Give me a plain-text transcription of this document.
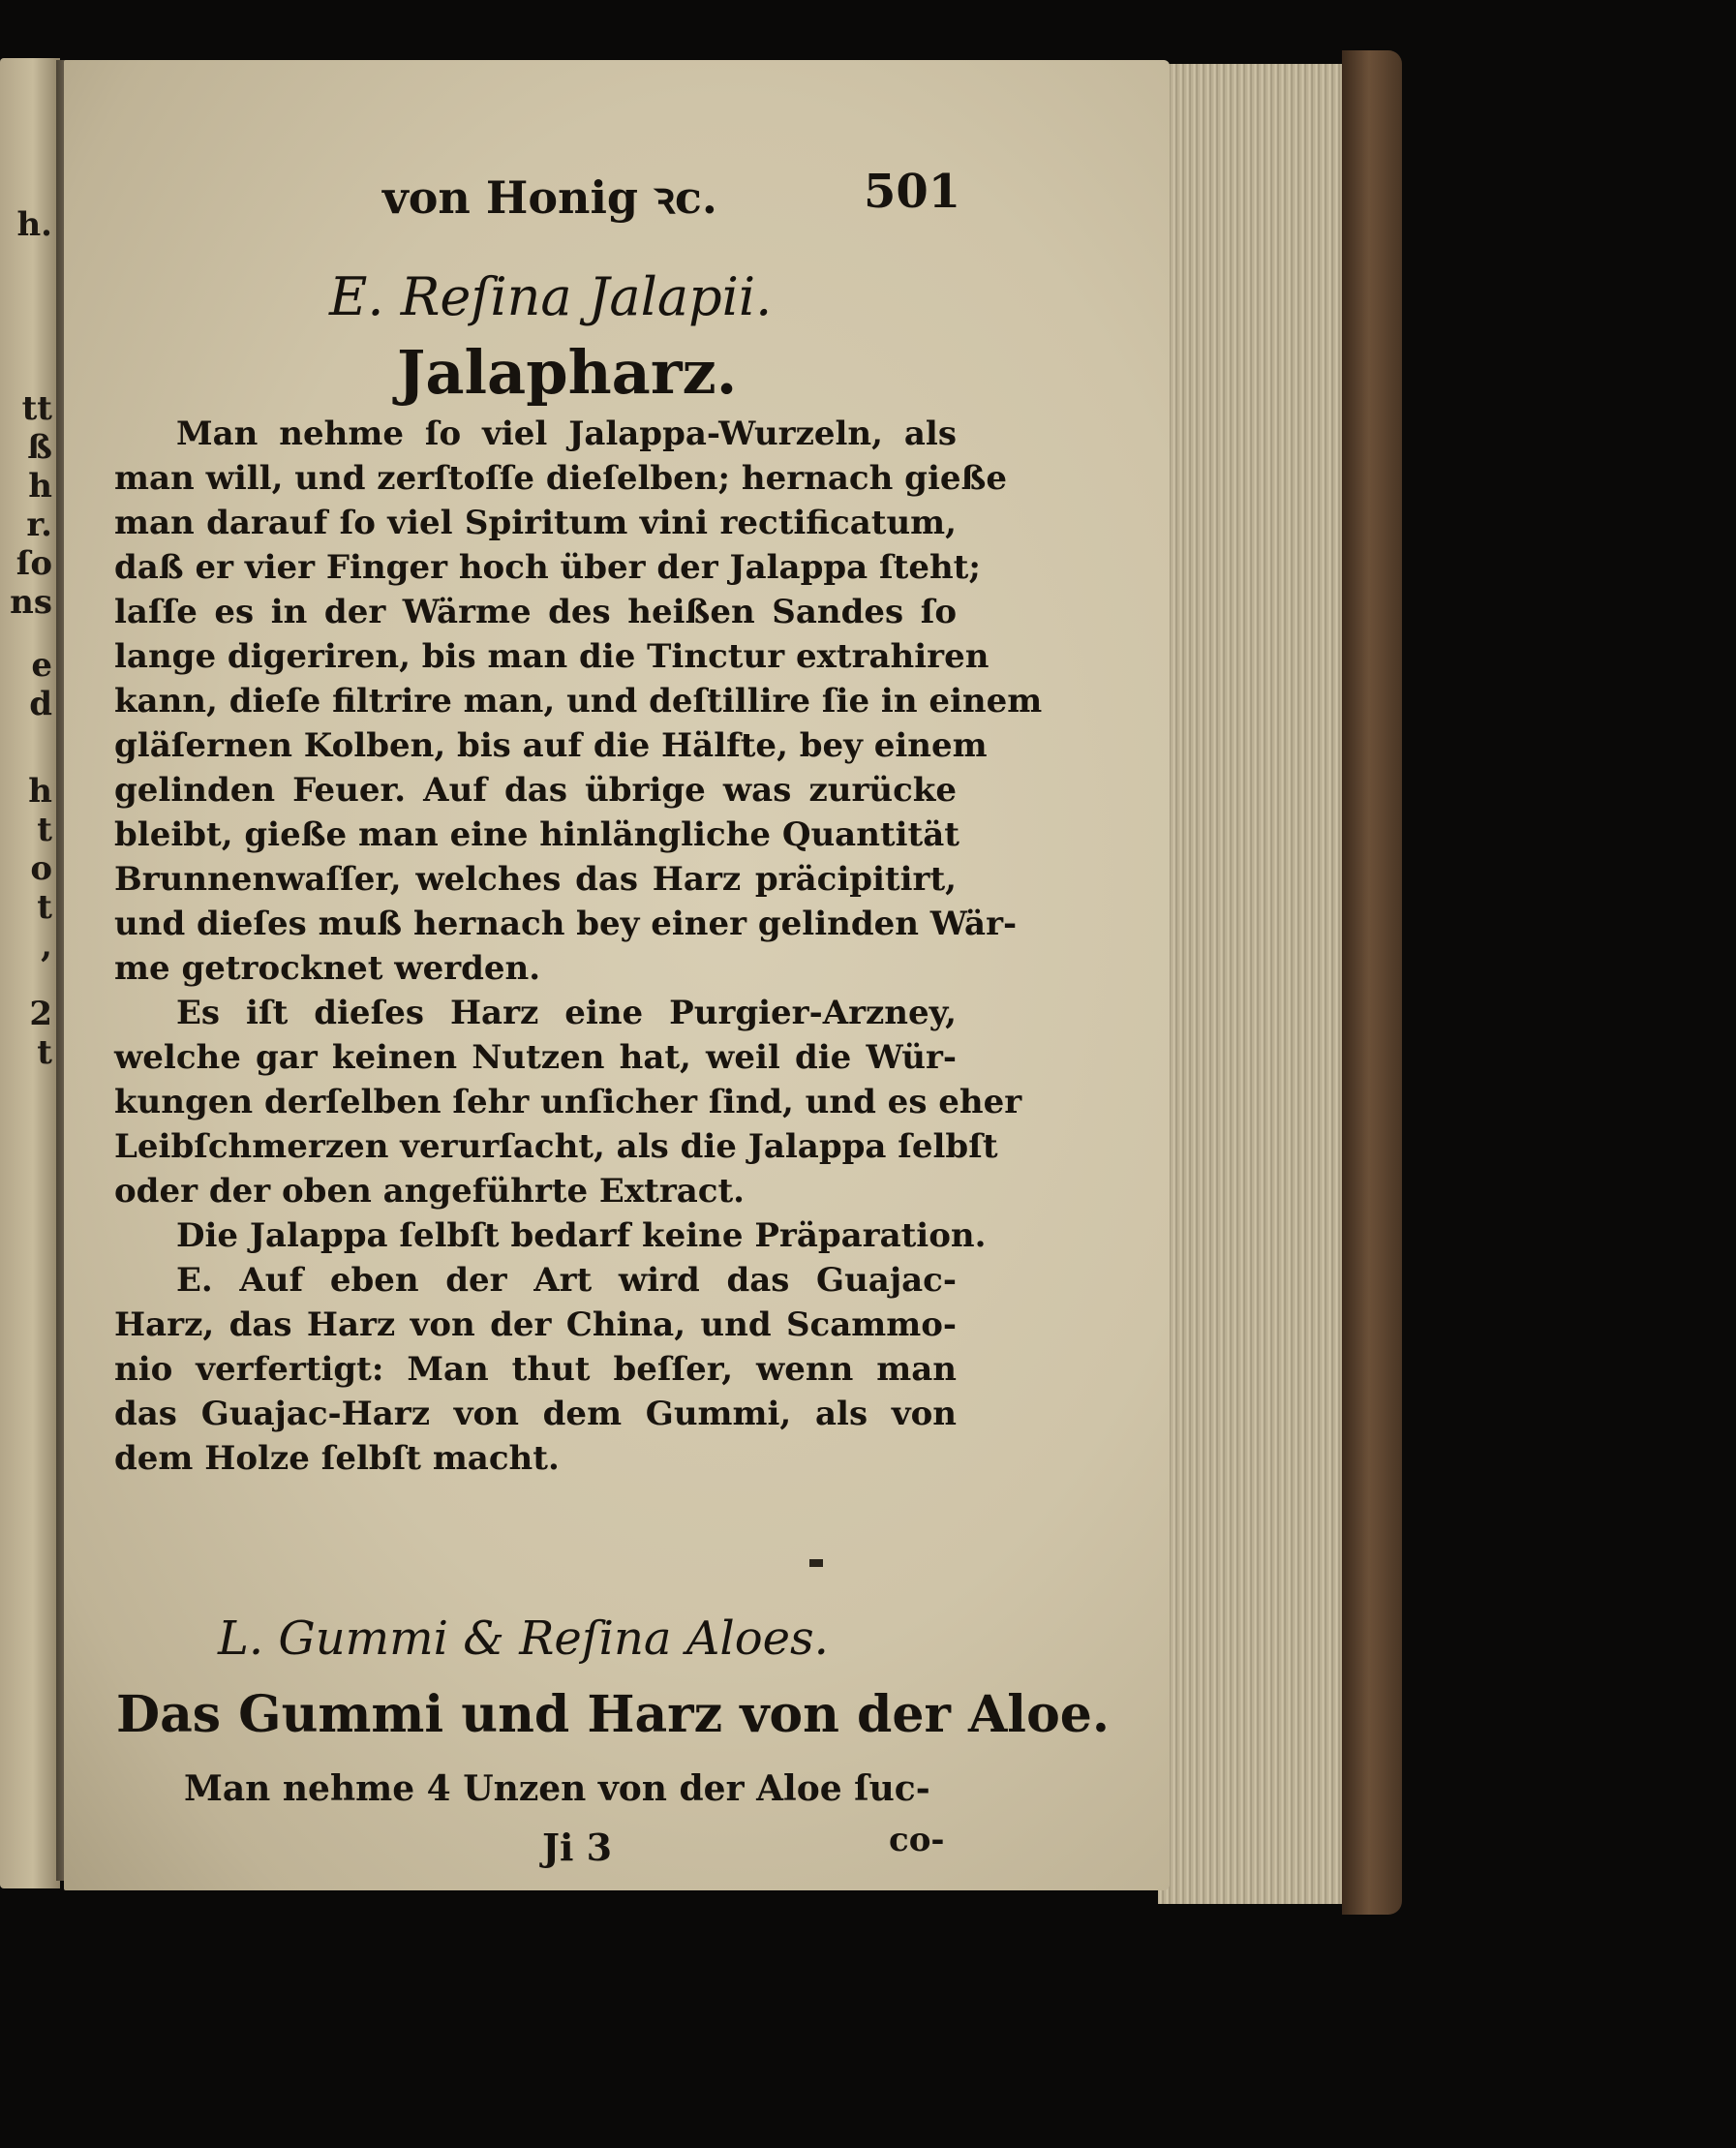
h.
tt
ß
h
r.
ſo
ns
e
d
h
t
o
t
,
2
t
von Honig ꝛc.	501
E. Reſina Jalapii.
Jalapharz.
Man nehme ſo viel Jalappa-Wurzeln, als
man will, und zerſtoſſe dieſelben; hernach gieße
man darauf ſo viel Spiritum vini rectificatum,
daß er vier Finger hoch über der Jalappa ſteht;
laſſe es in der Wärme des heißen Sandes ſo
lange digeriren, bis man die Tinctur extrahiren
kann, dieſe filtrire man, und deſtillire ſie in einem
gläſernen Kolben, bis auf die Hälfte, bey einem
gelinden Feuer. Auf das übrige was zurücke
bleibt, gieße man eine hinlängliche Quantität
Brunnenwaſſer, welches das Harz präcipitirt,
und dieſes muß hernach bey einer gelinden Wär-
me getrocknet werden.
Es iſt dieſes Harz eine Purgier-Arzney,
welche gar keinen Nutzen hat, weil die Wür-
kungen derſelben ſehr unſicher ſind, und es eher
Leibſchmerzen verurſacht, als die Jalappa ſelbſt
oder der oben angeführte Extract.
Die Jalappa ſelbſt bedarf keine Präparation.
E. Auf eben der Art wird das Guajac-
Harz, das Harz von der China, und Scammo-
nio verfertigt: Man thut beſſer, wenn man
das Guajac-Harz von dem Gummi, als von
dem Holze ſelbſt macht.
L. Gummi & Reſina Aloes.
Das Gummi und Harz von der Aloe.
Man nehme 4 Unzen von der Aloe ſuc-
Ji 3	co-
